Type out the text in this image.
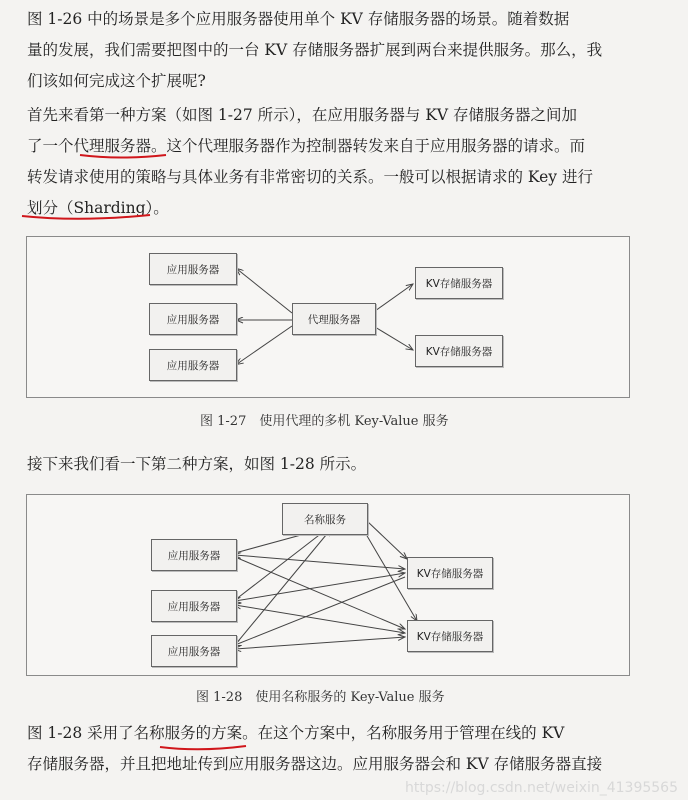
图 1-26 中的场景是多个应用服务器使用单个 KV 存储服务器的场景。随着数据
量的发展，我们需要把图中的一台 KV 存储服务器扩展到两台来提供服务。那么，我
们该如何完成这个扩展呢?
首先来看第一种方案（如图 1-27 所示），在应用服务器与 KV 存储服务器之间加
了一个代理服务器。这个代理服务器作为控制器转发来自于应用服务器的请求。而
转发请求使用的策略与具体业务有非常密切的关系。一般可以根据请求的 Key 进行
划分（Sharding）。
应用服务器
应用服务器
应用服务器
代理服务器
KV存储服务器
KV存储服务器
图 1-27　使用代理的多机 Key-Value 服务
接下来我们看一下第二种方案，如图 1-28 所示。
名称服务
应用服务器
应用服务器
应用服务器
KV存储服务器
KV存储服务器
图 1-28　使用名称服务的 Key-Value 服务
图 1-28 采用了名称服务的方案。在这个方案中，名称服务用于管理在线的 KV
存储服务器，并且把地址传到应用服务器这边。应用服务器会和 KV 存储服务器直接
https://blog.csdn.net/weixin_41395565
